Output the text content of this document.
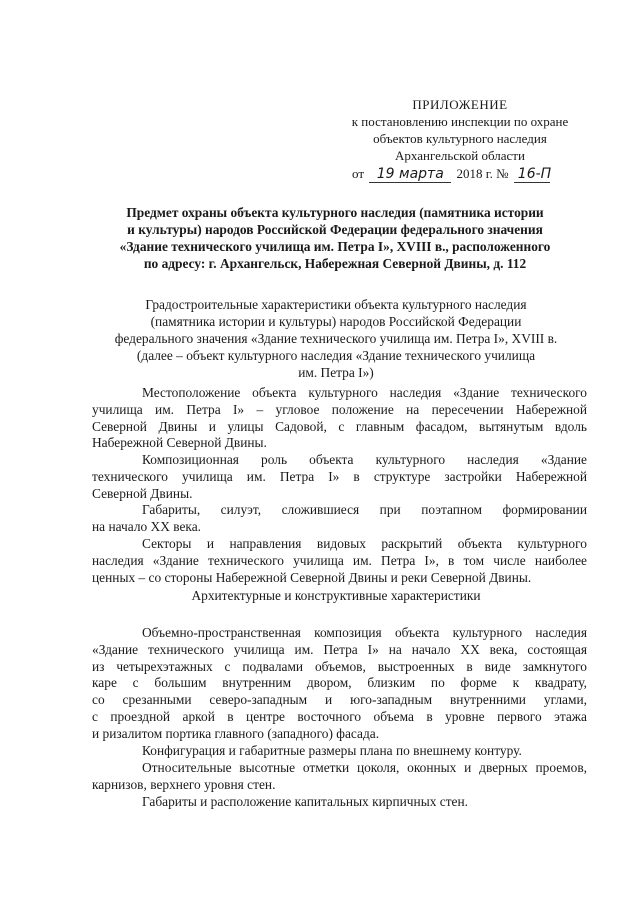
ПРИЛОЖЕНИЕ
к постановлению инспекции по охране
объектов культурного наследия
Архангельской области
от 19 марта 2018 г. № 16-П
Предмет охраны объекта культурного наследия (памятника истории
и культуры) народов Российской Федерации федерального значения
«Здание технического училища им. Петра I», XVIII в., расположенного
по адресу: г. Архангельск, Набережная Северной Двины, д. 112
Градостроительные характеристики объекта культурного наследия
(памятника истории и культуры) народов Российской Федерации
федерального значения «Здание технического училища им. Петра I», XVIII в.
(далее – объект культурного наследия «Здание технического училища
им. Петра I»)
Местоположение объекта культурного наследия «Здание технического
училища им. Петра I» – угловое положение на пересечении Набережной
Северной Двины и улицы Садовой, с главным фасадом, вытянутым вдоль
Набережной Северной Двины.
Композиционная роль объекта культурного наследия «Здание
технического училища им. Петра I» в структуре застройки Набережной
Северной Двины.
Габариты, силуэт, сложившиеся при поэтапном формировании
на начало XX века.
Секторы и направления видовых раскрытий объекта культурного
наследия «Здание технического училища им. Петра I», в том числе наиболее
ценных – со стороны Набережной Северной Двины и реки Северной Двины.
Архитектурные и конструктивные характеристики
Объемно-пространственная композиция объекта культурного наследия
«Здание технического училища им. Петра I» на начало XX века, состоящая
из четырехэтажных с подвалами объемов, выстроенных в виде замкнутого
каре с большим внутренним двором, близким по форме к квадрату,
со срезанными северо-западным и юго-западным внутренними углами,
с проездной аркой в центре восточного объема в уровне первого этажа
и ризалитом портика главного (западного) фасада.
Конфигурация и габаритные размеры плана по внешнему контуру.
Относительные высотные отметки цоколя, оконных и дверных проемов,
карнизов, верхнего уровня стен.
Габариты и расположение капитальных кирпичных стен.
